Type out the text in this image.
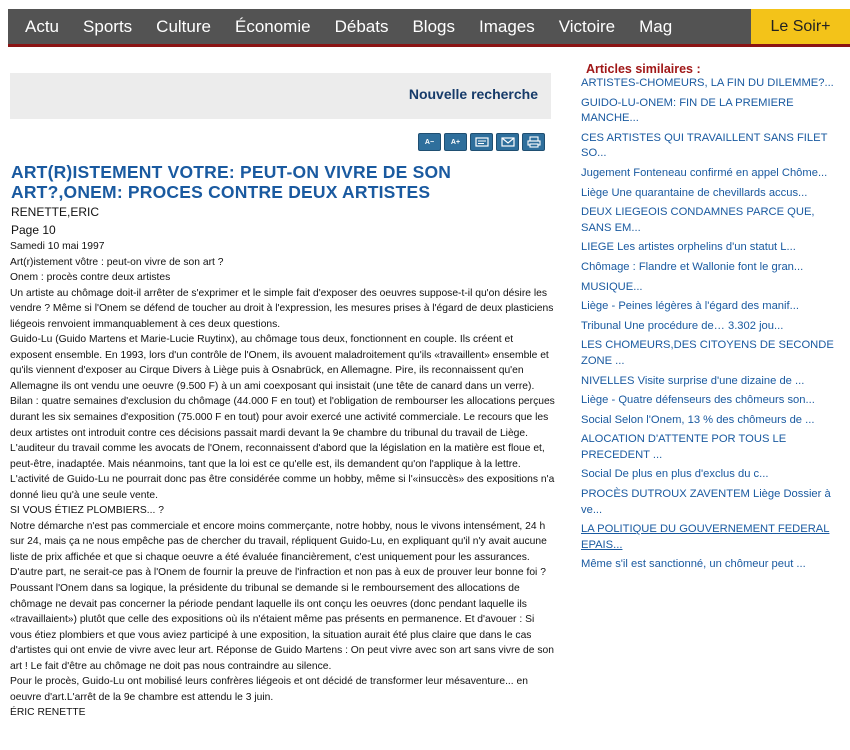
Actu	Sports	Culture	Économie	Débats	Blogs	Images	Victoire	Mag	Le Soir+
Nouvelle recherche
A−	A+
ART(R)ISTEMENT VOTRE: PEUT-ON VIVRE DE SON ART?,ONEM: PROCES CONTRE DEUX ARTISTES
RENETTE,ERIC
Page 10

Samedi 10 mai 1997

Art(r)istement vôtre : peut-on vivre de son art ?

Onem : procès contre deux artistes

Un artiste au chômage doit-il arrêter de s'exprimer et le simple fait d'exposer des oeuvres suppose-t-il qu'on désire les vendre ? Même si l'Onem se défend de toucher au droit à l'expression, les mesures prises à l'égard de deux plasticiens liégeois renvoient immanquablement à ces deux questions.

Guido-Lu (Guido Martens et Marie-Lucie Ruytinx), au chômage tous deux, fonctionnent en couple. Ils créent et exposent ensemble. En 1993, lors d'un contrôle de l'Onem, ils avouent maladroitement qu'ils «travaillent» ensemble et qu'ils viennent d'exposer au Cirque Divers à Liège puis à Osnabrück, en Allemagne. Pire, ils reconnaissent qu'en Allemagne ils ont vendu une oeuvre (9.500 F) à un ami coexposant qui insistait (une tête de canard dans un verre).

Bilan : quatre semaines d'exclusion du chômage (44.000 F en tout) et l'obligation de rembourser les allocations perçues durant les six semaines d'exposition (75.000 F en tout) pour avoir exercé une activité commerciale. Le recours que les deux artistes ont introduit contre ces décisions passait mardi devant la 9e chambre du tribunal du travail de Liège.

L'auditeur du travail comme les avocats de l'Onem, reconnaissent d'abord que la législation en la matière est floue et, peut-être, inadaptée. Mais néanmoins, tant que la loi est ce qu'elle est, ils demandent qu'on l'applique à la lettre. L'activité de Guido-Lu ne pourrait donc pas être considérée comme un hobby, même si l'«insuccès» des expositions n'a donné lieu qu'à une seule vente.

SI VOUS ÉTIEZ PLOMBIERS... ?

Notre démarche n'est pas commerciale et encore moins commerçante, notre hobby, nous le vivons intensément, 24 h sur 24, mais ça ne nous empêche pas de chercher du travail, répliquent Guido-Lu, en expliquant qu'il n'y avait aucune liste de prix affichée et que si chaque oeuvre a été évaluée financièrement, c'est uniquement pour les assurances. D'autre part, ne serait-ce pas à l'Onem de fournir la preuve de l'infraction et non pas à eux de prouver leur bonne foi ?

Poussant l'Onem dans sa logique, la présidente du tribunal se demande si le remboursement des allocations de chômage ne devait pas concerner la période pendant laquelle ils ont conçu les oeuvres (donc pendant laquelle ils «travaillaient») plutôt que celle des expositions où ils n'étaient même pas présents en permanence. Et d'avouer : Si vous étiez plombiers et que vous aviez participé à une exposition, la situation aurait été plus claire que dans le cas d'artistes qui ont envie de vivre avec leur art. Réponse de Guido Martens : On peut vivre avec son art sans vivre de son art ! Le fait d'être au chômage ne doit pas nous contraindre au silence.

Pour le procès, Guido-Lu ont mobilisé leurs confrères liégeois et ont décidé de transformer leur mésaventure... en oeuvre d'art.L'arrêt de la 9e chambre est attendu le 3 juin.

ÉRIC RENETTE

Articles similaires :
ARTISTES-CHOMEURS, LA FIN DU DILEMME?...
GUIDO-LU-ONEM: FIN DE LA PREMIERE MANCHE...
CES ARTISTES QUI TRAVAILLENT SANS FILET SO...
Jugement Fonteneau confirmé en appel Chôme...
Liège Une quarantaine de chevillards accus...
DEUX LIEGEOIS CONDAMNES PARCE QUE, SANS EM...
LIEGE Les artistes orphelins d'un statut L...
Chômage : Flandre et Wallonie font le gran...
MUSIQUE...
Liège - Peines légères à l'égard des manif...
Tribunal Une procédure de… 3.302 jou...
LES CHOMEURS,DES CITOYENS DE SECONDE ZONE ...
NIVELLES Visite surprise d'une dizaine de ...
Liège - Quatre défenseurs des chômeurs son...
Social Selon l'Onem, 13 % des chômeurs de ...
ALOCATION D'ATTENTE POR TOUS LE PRECEDENT ...
Social De plus en plus d'exclus du c...
PROCÈS DUTROUX ZAVENTEM Liège Dossier à ve...
LA POLITIQUE DU GOUVERNEMENT FEDERAL EPAIS...
Même s'il est sanctionné, un chômeur peut ...
